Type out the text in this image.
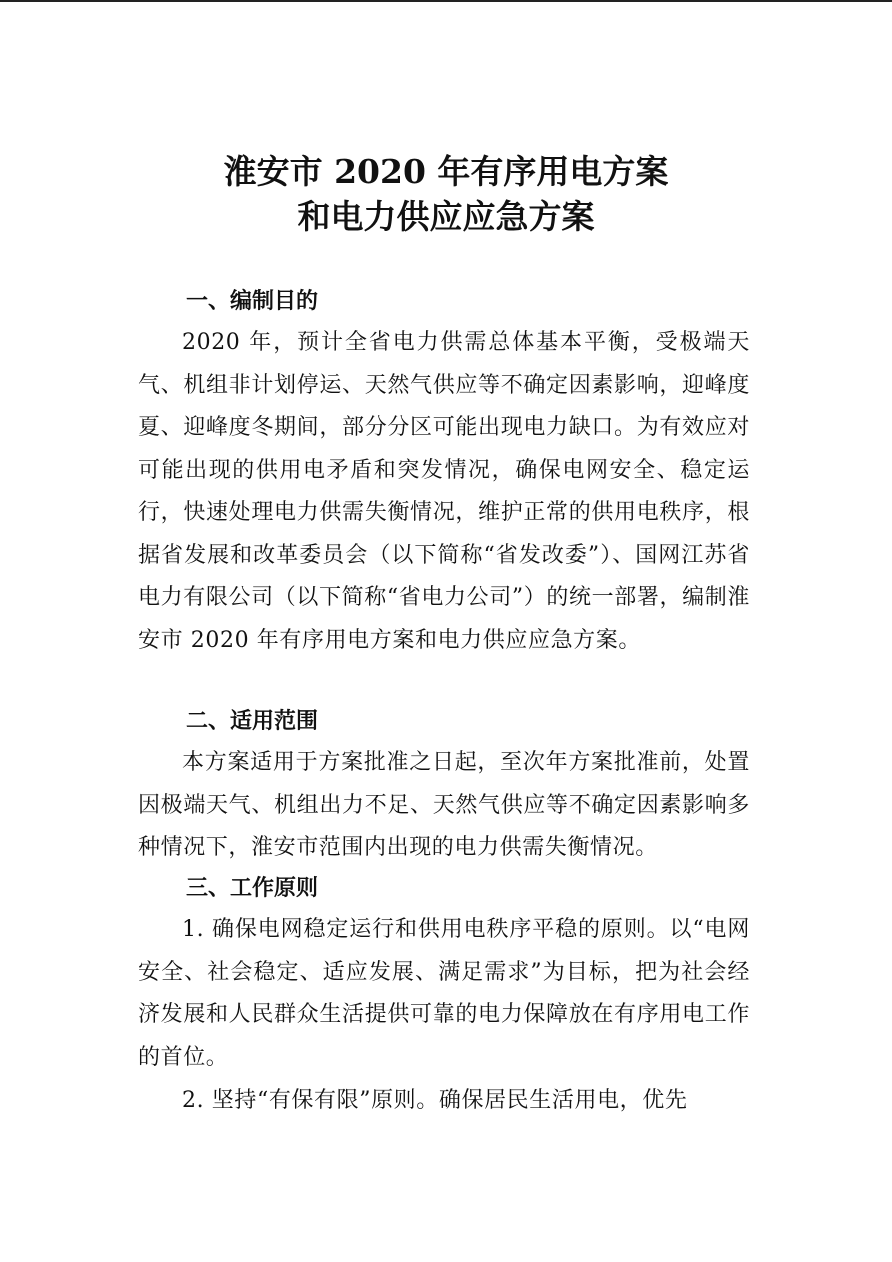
淮安市 2020 年有序用电方案
和电力供应应急方案
一、编制目的
2020 年，预计全省电力供需总体基本平衡，受极端天气、机组非计划停运、天然气供应等不确定因素影响，迎峰度夏、迎峰度冬期间，部分分区可能出现电力缺口。为有效应对可能出现的供用电矛盾和突发情况，确保电网安全、稳定运行，快速处理电力供需失衡情况，维护正常的供用电秩序，根据省发展和改革委员会（以下简称“省发改委”）、国网江苏省电力有限公司（以下简称“省电力公司”）的统一部署，编制淮安市 2020 年有序用电方案和电力供应应急方案。
二、适用范围
本方案适用于方案批准之日起，至次年方案批准前，处置因极端天气、机组出力不足、天然气供应等不确定因素影响多种情况下，淮安市范围内出现的电力供需失衡情况。
三、工作原则
1. 确保电网稳定运行和供用电秩序平稳的原则。以“电网安全、社会稳定、适应发展、满足需求”为目标，把为社会经济发展和人民群众生活提供可靠的电力保障放在有序用电工作的首位。
2. 坚持“有保有限”原则。确保居民生活用电，优先
